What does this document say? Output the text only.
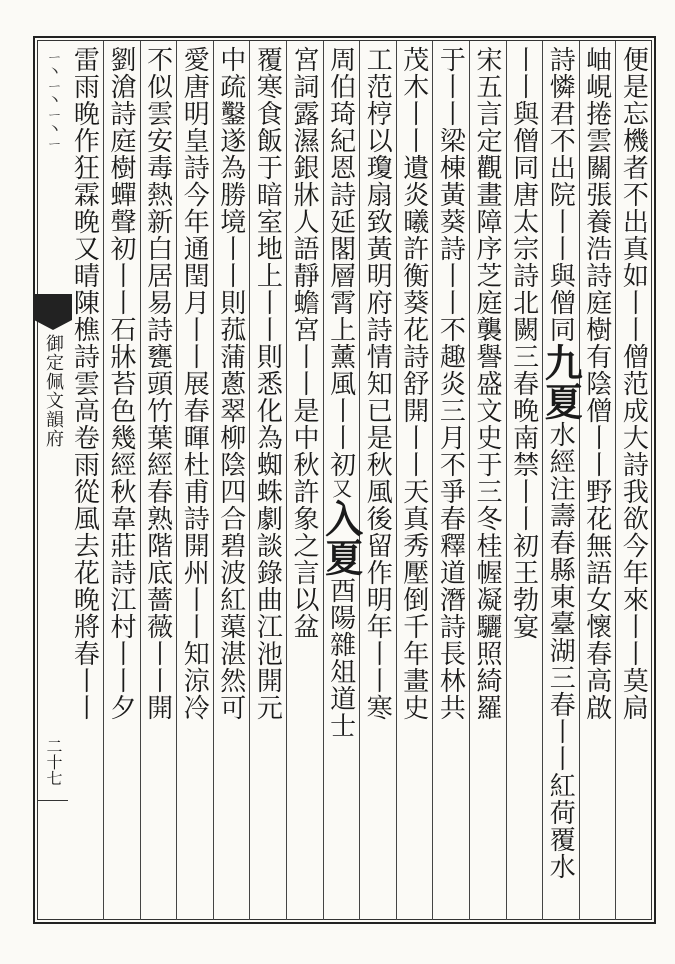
ㄧ丶ㄧ丶ㄧ丶ㄧ
御定佩文韻府
二十七
便是忘機者不出真如丨丨僧范成大詩我欲今年來丨丨莫扃
岫峴捲雲關張養浩詩庭樹有陰僧丨丨野花無語女懷春高啟
詩憐君不出院丨丨與僧同九夏水經注壽春縣東臺湖三春丨丨紅荷覆水
丨丨與僧同唐太宗詩北闕三春晚南禁丨丨初王勃宴
宋五言定觀畫障序芝庭襲譽盛文史于三冬桂幄凝驪照綺羅
于丨丨梁棟黃葵詩丨丨不趣炎三月不爭春釋道潛詩長林共
茂木丨丨遺炎曦許衡葵花詩舒開丨丨天真秀壓倒千年畫史
工范梈以瓊扇致黃明府詩情知已是秋風後留作明年丨丨寒
周伯琦紀恩詩延閣層霄上薰風丨丨初又入夏酉陽雜俎道士
宮詞露濕銀牀人語靜蟾宮丨丨是中秋許象之言以盆
覆寒食飯于暗室地上丨丨則悉化為蜘蛛劇談錄曲江池開元
中疏鑿遂為勝境丨丨則菰蒲蔥翠柳陰四合碧波紅蕖湛然可
愛唐明皇詩今年通閏月丨丨展春暉杜甫詩開州丨丨知涼冷
不似雲安毒熱新白居易詩甕頭竹葉經春熟階底薔薇丨丨開
劉滄詩庭樹蟬聲初丨丨石牀苔色幾經秋韋莊詩江村丨丨夕
雷雨晚作狂霖晚又晴陳樵詩雲高卷雨從風去花晚將春丨丨
